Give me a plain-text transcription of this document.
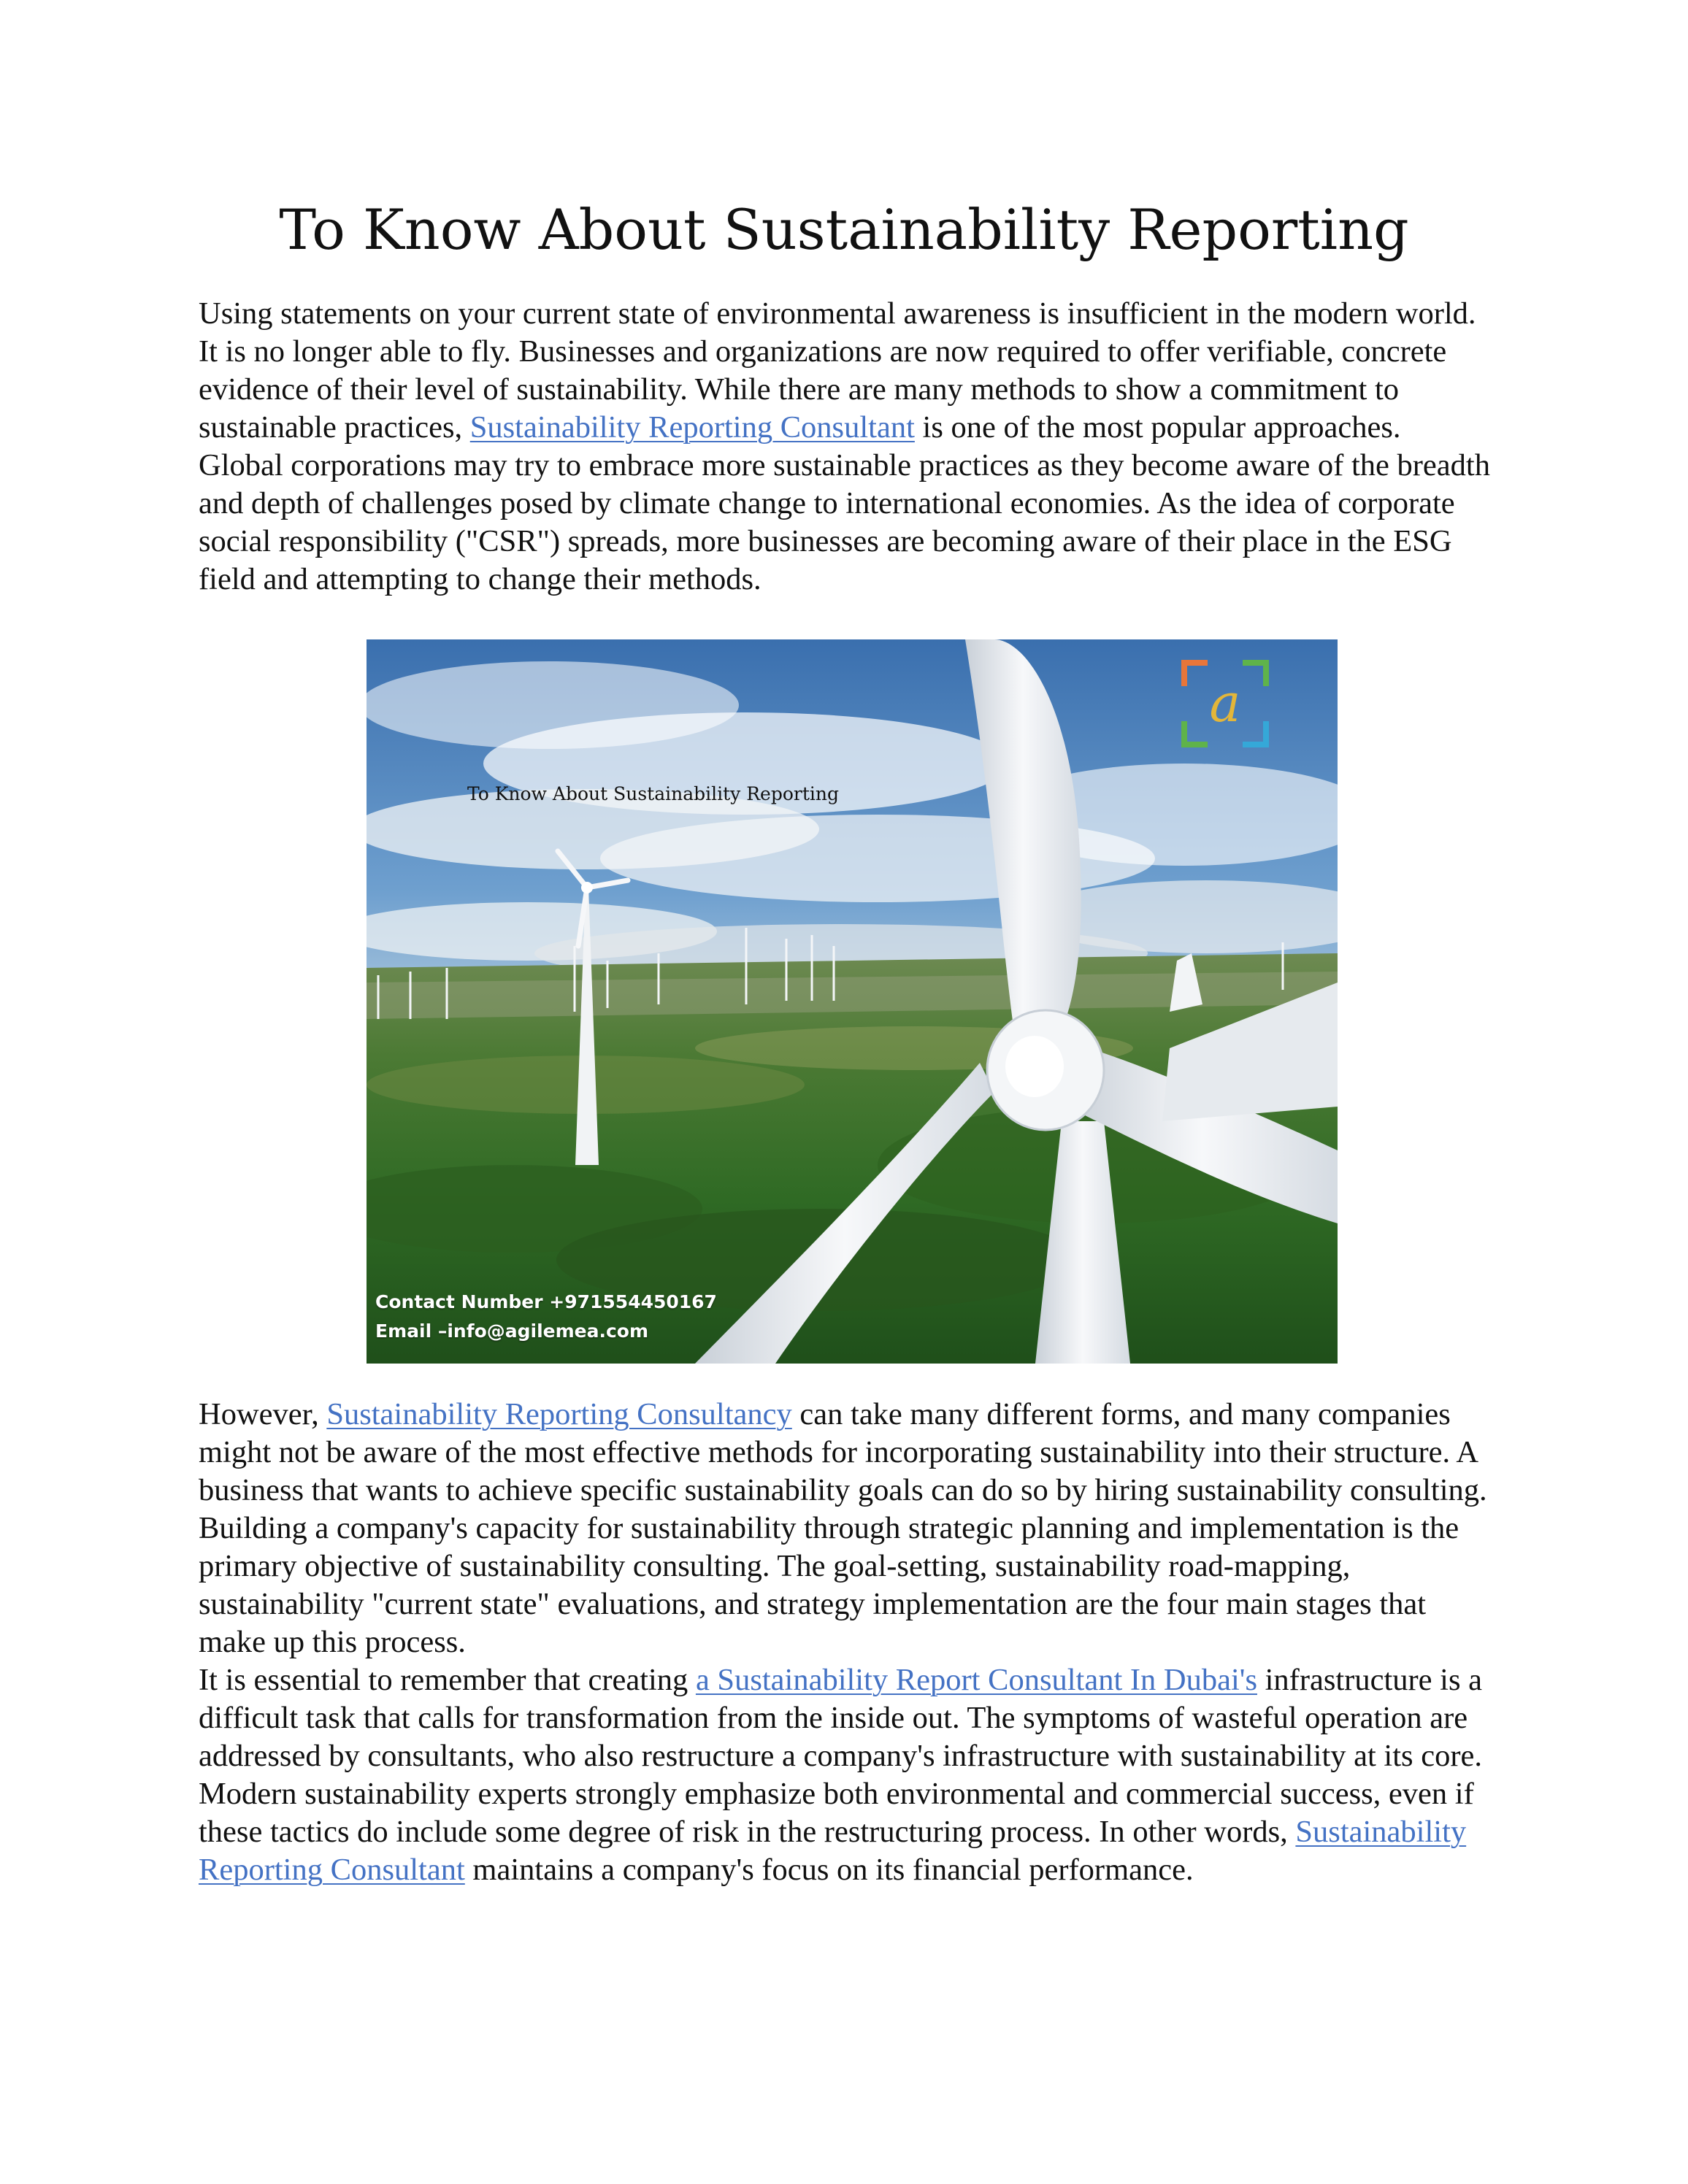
To Know About Sustainability Reporting

Using statements on your current state of environmental awareness is insufficient in the modern world. It is no longer able to fly. Businesses and organizations are now required to offer verifiable, concrete evidence of their level of sustainability. While there are many methods to show a commitment to sustainable practices, Sustainability Reporting Consultant is one of the most popular approaches.

Global corporations may try to embrace more sustainable practices as they become aware of the breadth and depth of challenges posed by climate change to international economies. As the idea of corporate social responsibility ("CSR") spreads, more businesses are becoming aware of their place in the ESG field and attempting to change their methods.

To Know About Sustainability Reporting
Contact Number +971554450167
Email –info@agilemea.com
a

However, Sustainability Reporting Consultancy can take many different forms, and many companies might not be aware of the most effective methods for incorporating sustainability into their structure. A business that wants to achieve specific sustainability goals can do so by hiring sustainability consulting.

Building a company's capacity for sustainability through strategic planning and implementation is the primary objective of sustainability consulting. The goal-setting, sustainability road-mapping, sustainability "current state" evaluations, and strategy implementation are the four main stages that make up this process.

It is essential to remember that creating a Sustainability Report Consultant In Dubai's infrastructure is a difficult task that calls for transformation from the inside out. The symptoms of wasteful operation are addressed by consultants, who also restructure a company's infrastructure with sustainability at its core. Modern sustainability experts strongly emphasize both environmental and commercial success, even if these tactics do include some degree of risk in the restructuring process. In other words, Sustainability Reporting Consultant maintains a company's focus on its financial performance.
